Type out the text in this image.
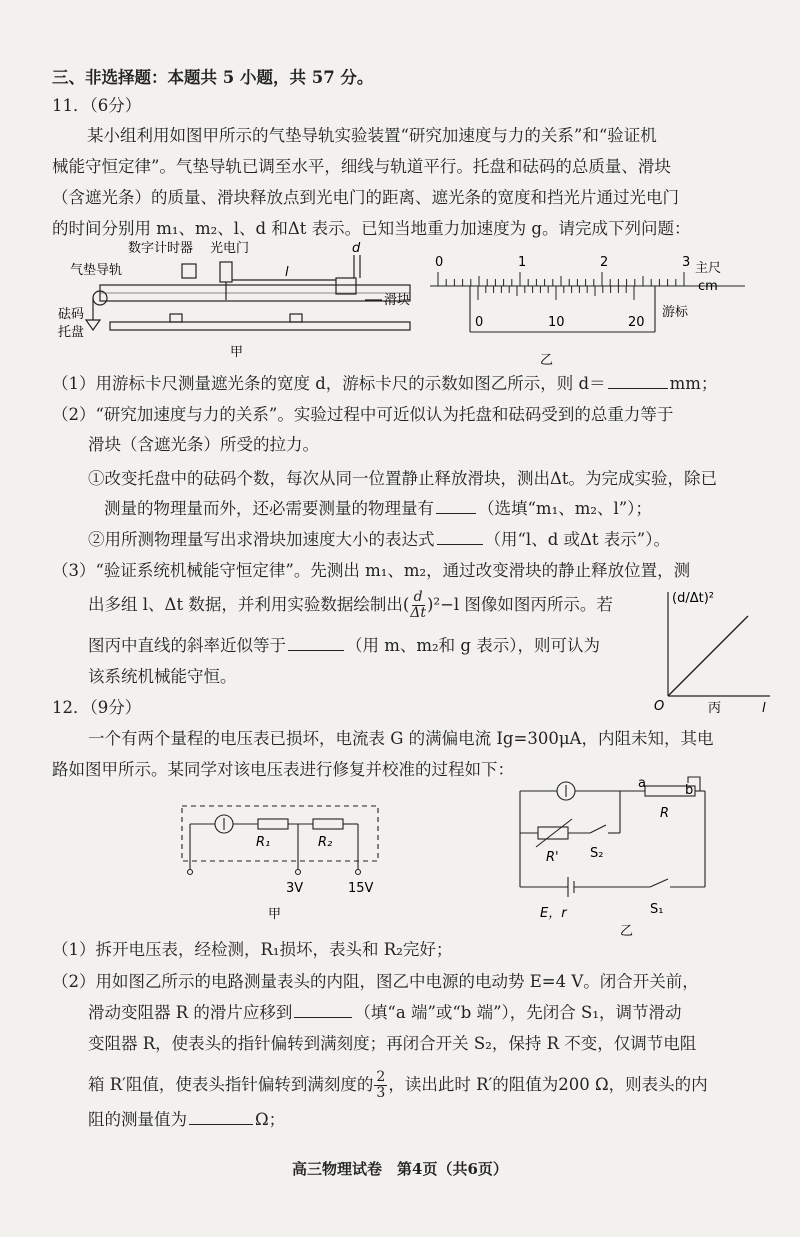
三、非选择题：本题共 5 小题，共 57 分。
11．（6分）
某小组利用如图甲所示的气垫导轨实验装置“研究加速度与力的关系”和“验证机
械能守恒定律”。气垫导轨已调至水平，细线与轨道平行。托盘和砝码的总质量、滑块
（含遮光条）的质量、滑块释放点到光电门的距离、遮光条的宽度和挡光片通过光电门
的时间分别用 m₁、m₂、l、d 和Δt 表示。已知当地重力加速度为 g。请完成下列问题：
数字计时器 光电门
气垫导轨
d
l
滑块
砝码
托盘
甲
0	1	2	3 主尺
cm
0	10	20
游标
乙
（1）用游标卡尺测量遮光条的宽度 d，游标卡尺的示数如图乙所示，则 d＝	mm；
（2）“研究加速度与力的关系”。实验过程中可近似认为托盘和砝码受到的总重力等于
滑块（含遮光条）所受的拉力。
①改变托盘中的砝码个数，每次从同一位置静止释放滑块，测出Δt。为完成实验，除已
测量的物理量而外，还必需要测量的物理量有	（选填“m₁、m₂、l”）；
②用所测物理量写出求滑块加速度大小的表达式	（用“l、d 或Δt 表示”）。
（3）“验证系统机械能守恒定律”。先测出 m₁、m₂，通过改变滑块的静止释放位置，测
出多组 l、Δt 数据，并利用实验数据绘制出( $\frac{d}{\Delta t} )^2-l$ 图像如图丙所示。若
图丙中直线的斜率近似等于	（用 m、m₂和 g 表示），则可认为
该系统机械能守恒。
(d/Δt)²
O	l
丙
12．（9分）
一个有两个量程的电压表已损坏，电流表 G 的满偏电流 Ig=300μA，内阻未知，其电
路如图甲所示。某同学对该电压表进行修复并校准的过程如下：
R₁	R₂
3V	15V
甲
a	b
R
R' S₂
E，r	S₁
乙
（1）拆开电压表，经检测，R₁损坏，表头和 R₂完好；
（2）用如图乙所示的电路测量表头的内阻，图乙中电源的电动势 E=4 V。闭合开关前，
滑动变阻器 R 的滑片应移到	（填“a 端”或“b 端”），先闭合 S₁，调节滑动
变阻器 R，使表头的指针偏转到满刻度；再闭合开关 S₂，保持 R 不变，仅调节电阻
箱 R′阻值，使表头指针偏转到满刻度的 $\frac{2}{3}$ ，读出此时 R′的阻值为200 Ω，则表头的内
阻的测量值为	Ω；
高三物理试卷　第4页（共6页）
